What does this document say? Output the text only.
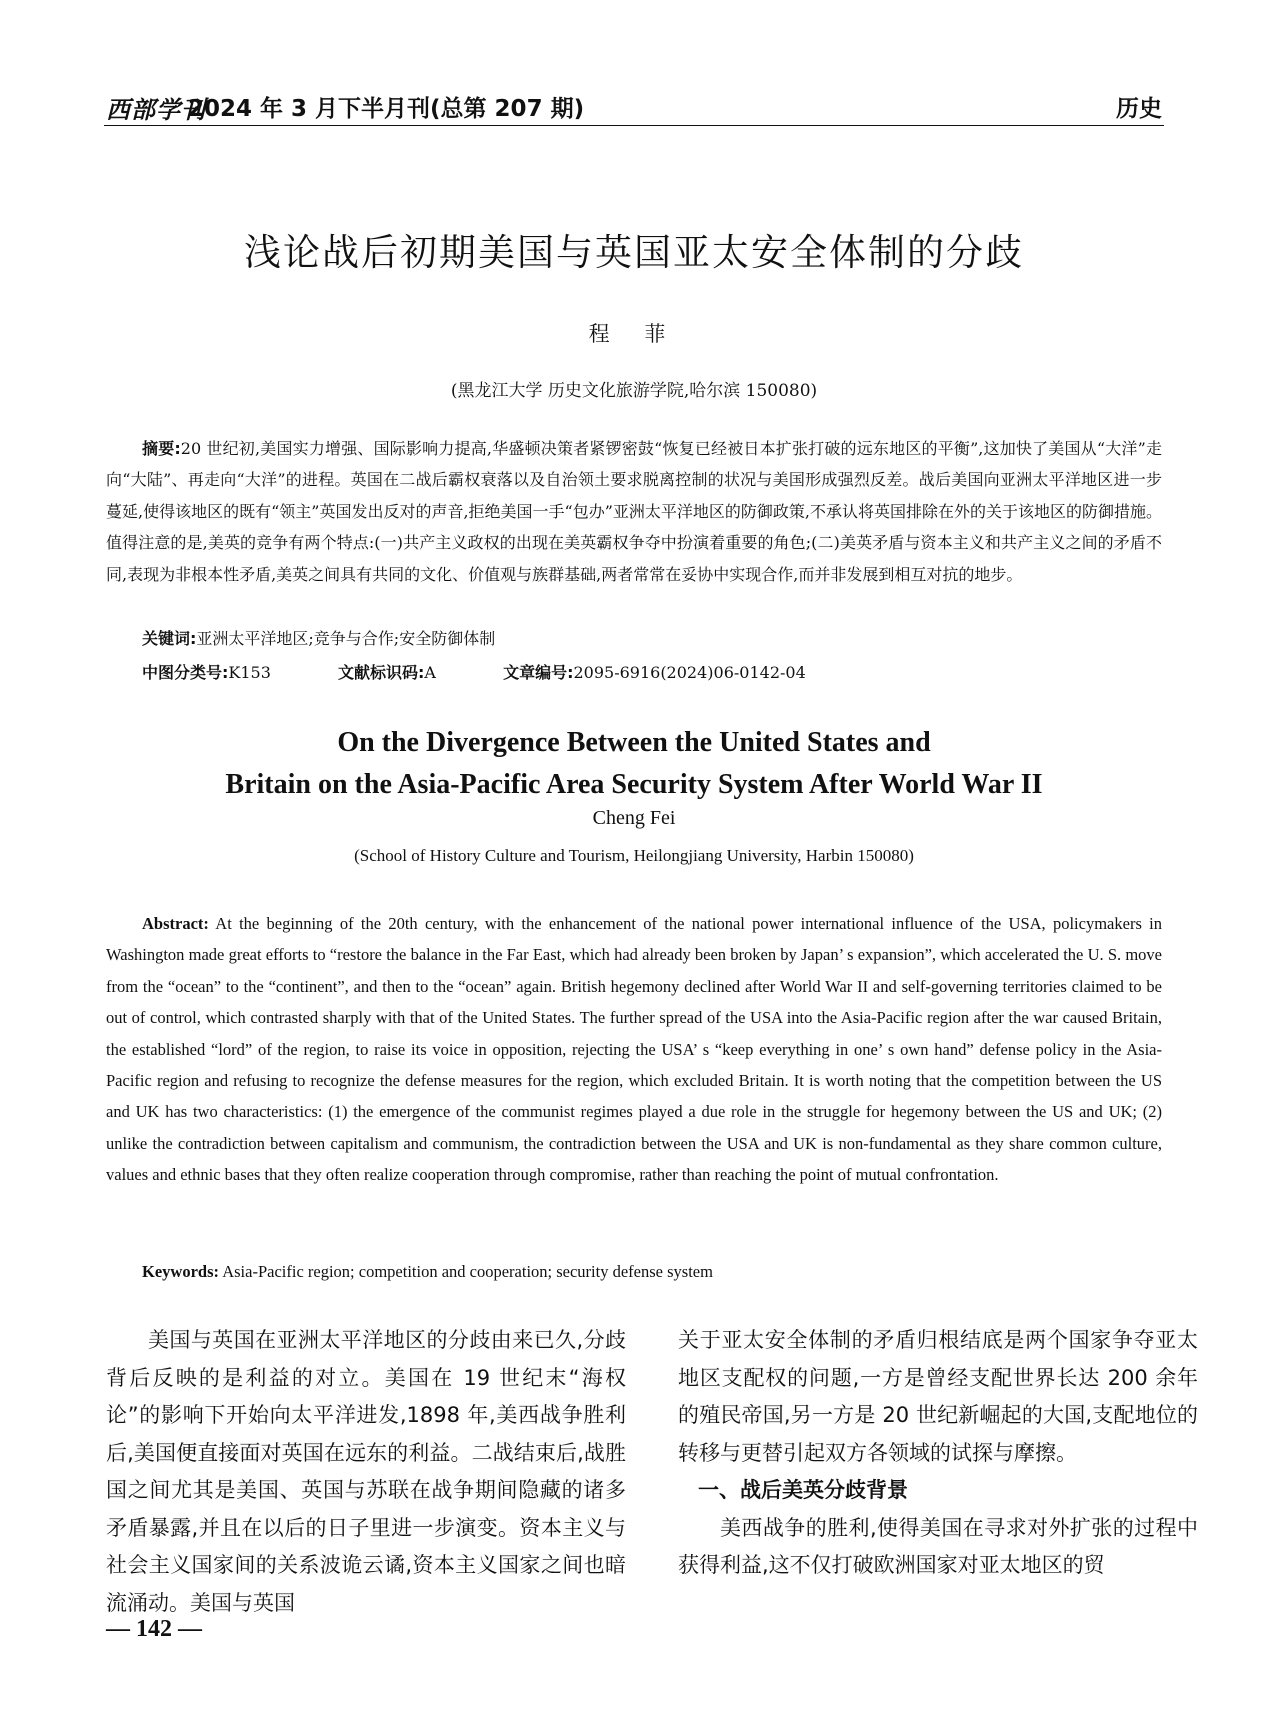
西部学刊
2024 年 3 月下半月刊(总第 207 期)	历史
浅论战后初期美国与英国亚太安全体制的分歧
程 菲
(黑龙江大学 历史文化旅游学院,哈尔滨 150080)

摘要:20 世纪初,美国实力增强、国际影响力提高,华盛顿决策者紧锣密鼓“恢复已经被日本扩张打破的远东地区的平衡”,这加快了美国从“大洋”走向“大陆”、再走向“大洋”的进程。英国在二战后霸权衰落以及自治领土要求脱离控制的状况与美国形成强烈反差。战后美国向亚洲太平洋地区进一步蔓延,使得该地区的既有“领主”英国发出反对的声音,拒绝美国一手“包办”亚洲太平洋地区的防御政策,不承认将英国排除在外的关于该地区的防御措施。值得注意的是,美英的竞争有两个特点:(一)共产主义政权的出现在美英霸权争夺中扮演着重要的角色;(二)美英矛盾与资本主义和共产主义之间的矛盾不同,表现为非根本性矛盾,美英之间具有共同的文化、价值观与族群基础,两者常常在妥协中实现合作,而并非发展到相互对抗的地步。

关键词:亚洲太平洋地区;竞争与合作;安全防御体制
中图分类号:K153	文献标识码:A	文章编号:2095-6916(2024)06-0142-04
On the Divergence Between the United States and
Britain on the Asia-Pacific Area Security System After World War II
Cheng Fei
(School of History Culture and Tourism, Heilongjiang University, Harbin 150080)

Abstract: At the beginning of the 20th century, with the enhancement of the national power international influence of the USA, policymakers in Washington made great efforts to “restore the balance in the Far East, which had already been broken by Japan’ s expansion”, which accelerated the U. S. move from the “ocean” to the “continent”, and then to the “ocean” again. British hegemony declined after World War II and self-governing territories claimed to be out of control, which contrasted sharply with that of the United States. The further spread of the USA into the Asia-Pacific region after the war caused Britain, the established “lord” of the region, to raise its voice in opposition, rejecting the USA’ s “keep everything in one’ s own hand” defense policy in the Asia-Pacific region and refusing to recognize the defense measures for the region, which excluded Britain. It is worth noting that the competition between the US and UK has two characteristics: (1) the emergence of the communist regimes played a due role in the struggle for hegemony between the US and UK; (2) unlike the contradiction between capitalism and communism, the contradiction between the USA and UK is non-fundamental as they share common culture, values and ethnic bases that they often realize cooperation through compromise, rather than reaching the point of mutual confrontation.

Keywords: Asia-Pacific region; competition and cooperation; security defense system

美国与英国在亚洲太平洋地区的分歧由来已久,分歧背后反映的是利益的对立。美国在 19 世纪末“海权论”的影响下开始向太平洋进发,1898 年,美西战争胜利后,美国便直接面对英国在远东的利益。二战结束后,战胜国之间尤其是美国、英国与苏联在战争期间隐藏的诸多矛盾暴露,并且在以后的日子里进一步演变。资本主义与社会主义国家间的关系波诡云谲,资本主义国家之间也暗流涌动。美国与英国

关于亚太安全体制的矛盾归根结底是两个国家争夺亚太地区支配权的问题,一方是曾经支配世界长达 200 余年的殖民帝国,另一方是 20 世纪新崛起的大国,支配地位的转移与更替引起双方各领域的试探与摩擦。

一、战后美英分歧背景

美西战争的胜利,使得美国在寻求对外扩张的过程中获得利益,这不仅打破欧洲国家对亚太地区的贸

— 142 —
